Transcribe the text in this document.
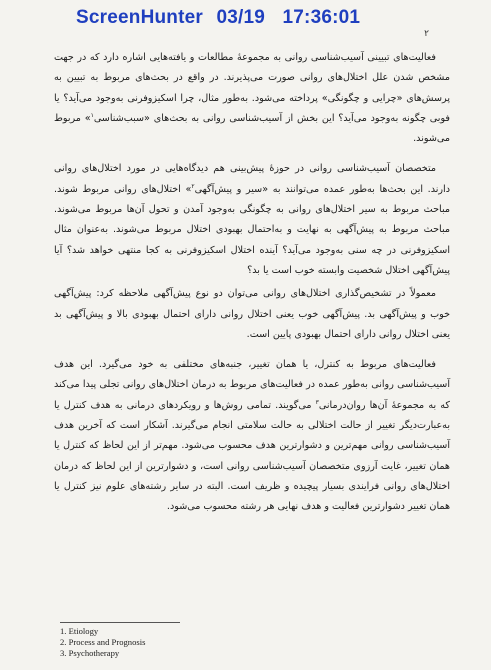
ScreenHunter 03/19 17:36:01
۲

فعالیت‌های تبیینی آسیب‌شناسی روانی به مجموعهٔ مطالعات و یافته‌هایی اشاره دارد که در جهت مشخص شدن علل اختلال‌های روانی صورت می‌پذیرند. در واقع در بحث‌های مربوط به تبیین به پرسش‌های «چرایی و چگونگی» پرداخته می‌شود. به‌طور مثال، چرا اسکیزوفرنی به‌وجود می‌آید؟ یا فوبی چگونه به‌وجود می‌آید؟ این بخش از آسیب‌شناسی روانی به بحث‌های «سبب‌شناسی$^۱$» مربوط می‌شوند.

متخصصان آسیب‌شناسی روانی در حوزهٔ پیش‌بینی هم دیدگاه‌هایی در مورد اختلال‌های روانی دارند. این بحث‌ها به‌طور عمده می‌توانند به «سیر و پیش‌آگهی$^۲$» اختلال‌های روانی مربوط شوند. مباحث مربوط به سیر اختلال‌های روانی به چگونگی به‌وجود آمدن و تحول آن‌ها مربوط می‌شوند. مباحث مربوط به پیش‌آگهی به نهایت و به‌احتمال بهبودی اختلال مربوط می‌شوند. به‌عنوان مثال اسکیزوفرنی در چه سنی به‌وجود می‌آید؟ آینده اختلال اسکیزوفرنی به کجا منتهی خواهد شد؟ آیا پیش‌آگهی اختلال شخصیت وابسته خوب است یا بد؟

معمولاً در تشخیص‌گذاری اختلال‌های روانی می‌توان دو نوع پیش‌آگهی ملاحظه کرد: پیش‌آگهی خوب و پیش‌آگهی بد. پیش‌آگهی خوب یعنی اختلال روانی دارای احتمال بهبودی بالا و پیش‌آگهی بد یعنی اختلال روانی دارای احتمال بهبودی پایین است.

فعالیت‌های مربوط به کنترل، یا همان تغییر، جنبه‌های مختلفی به خود می‌گیرد. این هدف آسیب‌شناسی روانی به‌طور عمده در فعالیت‌های مربوط به درمان اختلال‌های روانی تجلی پیدا می‌کند که به مجموعهٔ آن‌ها روان‌درمانی$^۳$ می‌گویند. تمامی روش‌ها و رویکردهای درمانی به هدف کنترل یا به‌عبارت‌دیگر تغییر از حالت اختلالی به حالت سلامتی انجام می‌گیرند. آشکار است که آخرین هدف آسیب‌شناسی روانی مهم‌ترین و دشوارترین هدف محسوب می‌شود. مهم‌تر از این لحاظ که کنترل یا همان تغییر، غایت آرزوی متخصصان آسیب‌شناسی روانی است، و دشوارترین از این لحاظ که درمان اختلال‌های روانی فرایندی بسیار پیچیده و ظریف است. البته در سایر رشته‌های علوم نیز کنترل یا همان تغییر دشوارترین فعالیت و هدف نهایی هر رشته محسوب می‌شود.

1. Etiology
2. Process and Prognosis
3. Psychotherapy
